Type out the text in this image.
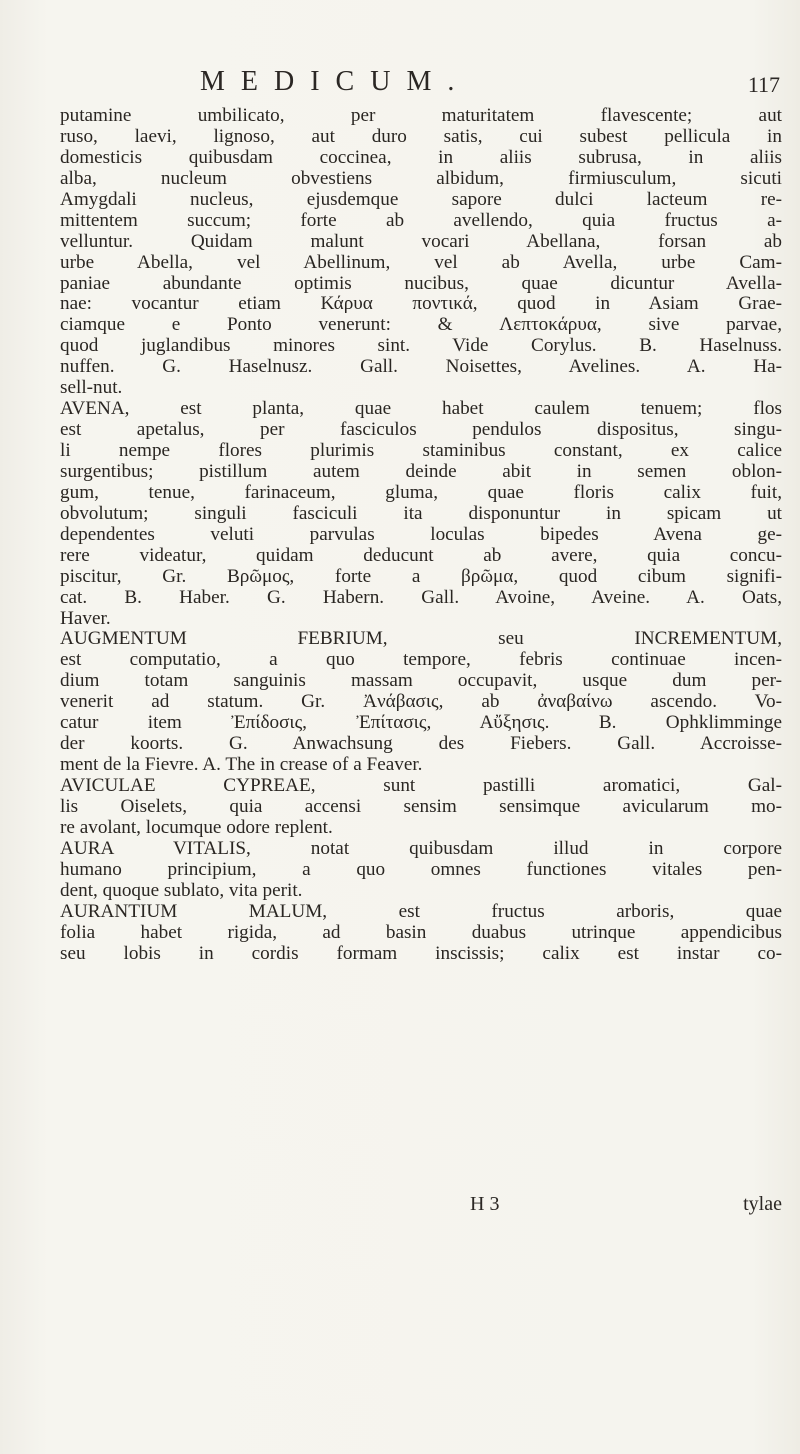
MEDICUM.	117
putamine umbilicato, per maturitatem flavescente; aut
ruso, laevi, lignoso, aut duro satis, cui subest pellicula in
domesticis quibusdam coccinea, in aliis subrusa, in aliis
alba, nucleum obvestiens albidum, firmiusculum, sicuti
Amygdali nucleus, ejusdemque sapore dulci lacteum re-
mittentem succum; forte ab avellendo, quia fructus a-
velluntur. Quidam malunt vocari Abellana, forsan ab
urbe Abella, vel Abellinum, vel ab Avella, urbe Cam-
paniae abundante optimis nucibus, quae dicuntur Avella-
nae: vocantur etiam Κάρυα ποντικά, quod in Asiam Grae-
ciamque e Ponto venerunt: & Λεπτοκάρυα, sive parvae,
quod juglandibus minores sint. Vide Corylus. B. Haselnuss.
nuffen. G. Haselnusz. Gall. Noisettes, Avelines. A. Ha-
sell-nut.
AVENA, est planta, quae habet caulem tenuem; flos
est apetalus, per fasciculos pendulos dispositus, singu-
li nempe flores plurimis staminibus constant, ex calice
surgentibus; pistillum autem deinde abit in semen oblon-
gum, tenue, farinaceum, gluma, quae floris calix fuit,
obvolutum; singuli fasciculi ita disponuntur in spicam ut
dependentes veluti parvulas loculas bipedes Avena ge-
rere videatur, quidam deducunt ab avere, quia concu-
piscitur, Gr. Βρῶμος, forte a βρῶμα, quod cibum signifi-
cat. B. Haber. G. Habern. Gall. Avoine, Aveine. A. Oats,
Haver.
AUGMENTUM FEBRIUM, seu INCREMENTUM,
est computatio, a quo tempore, febris continuae incen-
dium totam sanguinis massam occupavit, usque dum per-
venerit ad statum. Gr. Ἀνάβασις, ab ἀναβαίνω ascendo. Vo-
catur item Ἐπίδοσις, Ἐπίτασις, Αὔξησις. B. Ophklimminge
der koorts. G. Anwachsung des Fiebers. Gall. Accroisse-
ment de la Fievre. A. The in crease of a Feaver.
AVICULAE CYPREAE, sunt pastilli aromatici, Gal-
lis Oiselets, quia accensi sensim sensimque avicularum mo-
re avolant, locumque odore replent.
AURA VITALIS, notat quibusdam illud in corpore
humano principium, a quo omnes functiones vitales pen-
dent, quoque sublato, vita perit.
AURANTIUM MALUM, est fructus arboris, quae
folia habet rigida, ad basin duabus utrinque appendicibus
seu lobis in cordis formam inscissis; calix est instar co-
H 3	tylae
